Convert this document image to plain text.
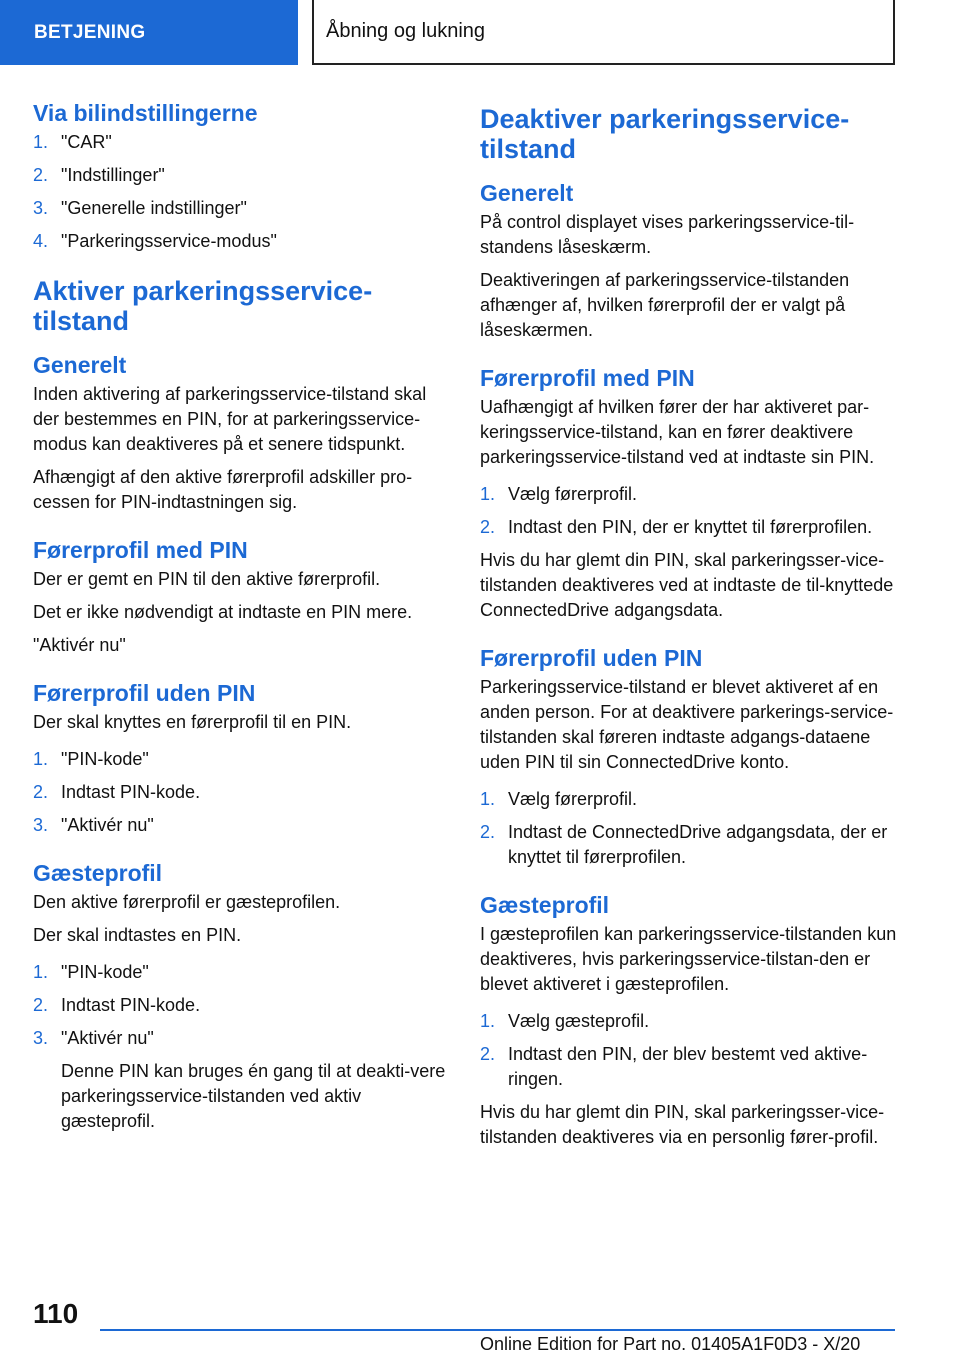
BETJENING	Åbning og lukning
Via bilindstillingerne
1. "CAR"
2. "Indstillinger"
3. "Generelle indstillinger"
4. "Parkeringsservice-modus"
Aktiver parkeringsservice-
tilstand
Generelt

Inden aktivering af parkeringsservice-tilstand skal der bestemmes en PIN, for at parkeringsservice-modus kan deaktiveres på et senere tidspunkt.

Afhængigt af den aktive førerprofil adskiller pro-cessen for PIN-indtastningen sig.

Førerprofil med PIN

Der er gemt en PIN til den aktive førerprofil.

Det er ikke nødvendigt at indtaste en PIN mere.

"Aktivér nu"

Førerprofil uden PIN

Der skal knyttes en førerprofil til en PIN.

1. "PIN-kode"
2. Indtast PIN-kode.
3. "Aktivér nu"
Gæsteprofil

Den aktive førerprofil er gæsteprofilen.

Der skal indtastes en PIN.

1. "PIN-kode"
2. Indtast PIN-kode.
3. "Aktivér nu"

Denne PIN kan bruges én gang til at deakti-vere parkeringsservice-tilstanden ved aktiv gæsteprofil.

Deaktiver parkeringsservice-
tilstand
Generelt

På control displayet vises parkeringsservice-til-standens låseskærm.

Deaktiveringen af parkeringsservice-tilstanden afhænger af, hvilken førerprofil der er valgt på låseskærmen.

Førerprofil med PIN

Uafhængigt af hvilken fører der har aktiveret par-keringsservice-tilstand, kan en fører deaktivere parkeringsservice-tilstand ved at indtaste sin PIN.

1. Vælg førerprofil.
2. Indtast den PIN, der er knyttet til førerprofilen.

Hvis du har glemt din PIN, skal parkeringsser-vice-tilstanden deaktiveres ved at indtaste de til-knyttede ConnectedDrive adgangsdata.

Førerprofil uden PIN

Parkeringsservice-tilstand er blevet aktiveret af en anden person. For at deaktivere parkerings-service-tilstanden skal føreren indtaste adgangs-dataene uden PIN til sin ConnectedDrive konto.

1. Vælg førerprofil.
2. Indtast de ConnectedDrive adgangsdata, der er knyttet til førerprofilen.
Gæsteprofil

I gæsteprofilen kan parkeringsservice-tilstanden kun deaktiveres, hvis parkeringsservice-tilstan-den er blevet aktiveret i gæsteprofilen.

1. Vælg gæsteprofil.
2. Indtast den PIN, der blev bestemt ved aktive-ringen.

Hvis du har glemt din PIN, skal parkeringsser-vice-tilstanden deaktiveres via en personlig fører-profil.

110
Online Edition for Part no. 01405A1F0D3 - X/20
